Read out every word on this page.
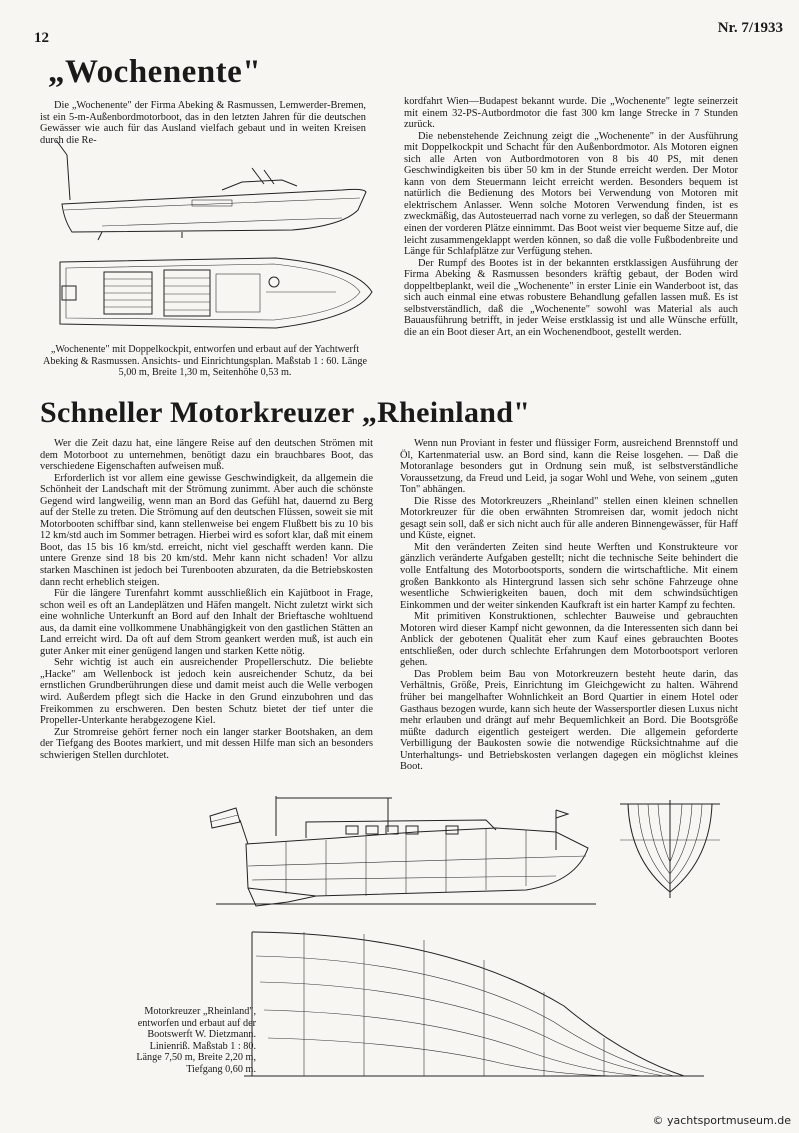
12
Nr. 7/1933
„Wochenente"

Die „Wochenente" der Firma Abeking & Rasmussen, Lemwerder-Bremen, ist ein 5-m-Außenbordmotorboot, das in den letzten Jahren für die deutschen Gewässer wie auch für das Ausland vielfach gebaut und in weiten Kreisen durch die Re-

„Wochenente" mit Doppelkockpit, entworfen und erbaut auf der Yachtwerft Abeking & Rasmussen. Ansichts- und Einrichtungsplan. Maßstab 1 : 60. Länge 5,00 m, Breite 1,30 m, Seitenhöhe 0,53 m.

kordfahrt Wien—Budapest bekannt wurde. Die „Wochenente" legte seinerzeit mit einem 32-PS-Autbordmotor die fast 300 km lange Strecke in 7 Stunden zurück.

Die nebenstehende Zeichnung zeigt die „Wochenente" in der Ausführung mit Doppelkockpit und Schacht für den Außenbordmotor. Als Motoren eignen sich alle Arten von Autbordmotoren von 8 bis 40 PS, mit denen Geschwindigkeiten bis über 50 km in der Stunde erreicht werden. Der Motor kann von dem Steuermann leicht erreicht werden. Besonders bequem ist natürlich die Bedienung des Motors bei Verwendung von Motoren mit elektrischem Anlasser. Wenn solche Motoren Verwendung finden, ist es zweckmäßig, das Autosteuerrad nach vorne zu verlegen, so daß der Steuermann einen der vorderen Plätze einnimmt. Das Boot weist vier bequeme Sitze auf, die leicht zusammengeklappt werden können, so daß die volle Fußbodenbreite und Länge für Schlafplätze zur Verfügung stehen.

Der Rumpf des Bootes ist in der bekannten erstklassigen Ausführung der Firma Abeking & Rasmussen besonders kräftig gebaut, der Boden wird doppeltbeplankt, weil die „Wochenente" in erster Linie ein Wanderboot ist, das sich auch einmal eine etwas robustere Behandlung gefallen lassen muß. Es ist selbstverständlich, daß die „Wochenente" sowohl was Material als auch Bauausführung betrifft, in jeder Weise erstklassig ist und alle Wünsche erfüllt, die an ein Boot dieser Art, an ein Wochenendboot, gestellt werden.

Schneller Motorkreuzer „Rheinland"

Wer die Zeit dazu hat, eine längere Reise auf den deutschen Strömen mit dem Motorboot zu unternehmen, benötigt dazu ein brauchbares Boot, das verschiedene Eigenschaften aufweisen muß.

Erforderlich ist vor allem eine gewisse Geschwindigkeit, da allgemein die Schönheit der Landschaft mit der Strömung zunimmt. Aber auch die schönste Gegend wird langweilig, wenn man an Bord das Gefühl hat, dauernd zu Berg auf der Stelle zu treten. Die Strömung auf den deutschen Flüssen, soweit sie mit Motorbooten schiffbar sind, kann stellenweise bei engem Flußbett bis zu 10 bis 12 km/std auch im Sommer betragen. Hierbei wird es sofort klar, daß mit einem Boot, das 15 bis 16 km/std. erreicht, nicht viel geschafft werden kann. Die untere Grenze sind 18 bis 20 km/std. Mehr kann nicht schaden! Vor allzu starken Maschinen ist jedoch bei Turenbooten abzuraten, da die Betriebskosten dann recht erheblich steigen.

Für die längere Turenfahrt kommt ausschließlich ein Kajütboot in Frage, schon weil es oft an Landeplätzen und Häfen mangelt. Nicht zuletzt wirkt sich eine wohnliche Unterkunft an Bord auf den Inhalt der Brieftasche wohltuend aus, da damit eine vollkommene Unabhängigkeit von den gastlichen Stätten an Land erreicht wird. Da oft auf dem Strom geankert werden muß, ist auch ein guter Anker mit einer genügend langen und starken Kette nötig.

Sehr wichtig ist auch ein ausreichender Propellerschutz. Die beliebte „Hacke" am Wellenbock ist jedoch kein ausreichender Schutz, da bei ernstlichen Grundberührungen diese und damit meist auch die Welle verbogen wird. Außerdem pflegt sich die Hacke in den Grund einzubohren und das Freikommen zu erschweren. Den besten Schutz bietet der tief unter die Propeller-Unterkante herabgezogene Kiel.

Zur Stromreise gehört ferner noch ein langer starker Bootshaken, an dem der Tiefgang des Bootes markiert, und mit dessen Hilfe man sich an besonders schwierigen Stellen durchlotet.

Wenn nun Proviant in fester und flüssiger Form, ausreichend Brennstoff und Öl, Kartenmaterial usw. an Bord sind, kann die Reise losgehen. — Daß die Motoranlage besonders gut in Ordnung sein muß, ist selbstverständliche Voraussetzung, da Freud und Leid, ja sogar Wohl und Wehe, von seinem „guten Ton" abhängen.

Die Risse des Motorkreuzers „Rheinland" stellen einen kleinen schnellen Motorkreuzer für die oben erwähnten Stromreisen dar, womit jedoch nicht gesagt sein soll, daß er sich nicht auch für alle anderen Binnengewässer, für Haff und Küste, eignet.

Mit den veränderten Zeiten sind heute Werften und Konstrukteure vor gänzlich veränderte Aufgaben gestellt; nicht die technische Seite behindert die volle Entfaltung des Motorbootsports, sondern die wirtschaftliche. Mit einem großen Bankkonto als Hintergrund lassen sich sehr schöne Fahrzeuge ohne wesentliche Schwierigkeiten bauen, doch mit dem schwindsüchtigen Einkommen und der weiter sinkenden Kaufkraft ist ein harter Kampf zu fechten.

Mit primitiven Konstruktionen, schlechter Bauweise und gebrauchten Motoren wird dieser Kampf nicht gewonnen, da die Interessenten sich dann bei Anblick der gebotenen Qualität eher zum Kauf eines gebrauchten Bootes entschließen, oder durch schlechte Erfahrungen dem Motorbootsport verloren gehen.

Das Problem beim Bau von Motorkreuzern besteht heute darin, das Verhältnis, Größe, Preis, Einrichtung im Gleichgewicht zu halten. Während früher bei mangelhafter Wohnlichkeit an Bord Quartier in einem Hotel oder Gasthaus bezogen wurde, kann sich heute der Wassersportler diesen Luxus nicht mehr erlauben und drängt auf mehr Bequemlichkeit an Bord. Die Bootsgröße müßte dadurch eigentlich gesteigert werden. Die allgemein geforderte Verbilligung der Baukosten sowie die notwendige Rücksichtnahme auf die Unterhaltungs- und Betriebskosten verlangen dagegen ein möglichst kleines Boot.

Motorkreuzer „Rheinland",
entworfen und erbaut auf der
Bootswerft W. Dietzmann.
Linienriß. Maßstab 1 : 80.
Länge 7,50 m, Breite 2,20 m,
Tiefgang 0,60 m.
© yachtsportmuseum.de
